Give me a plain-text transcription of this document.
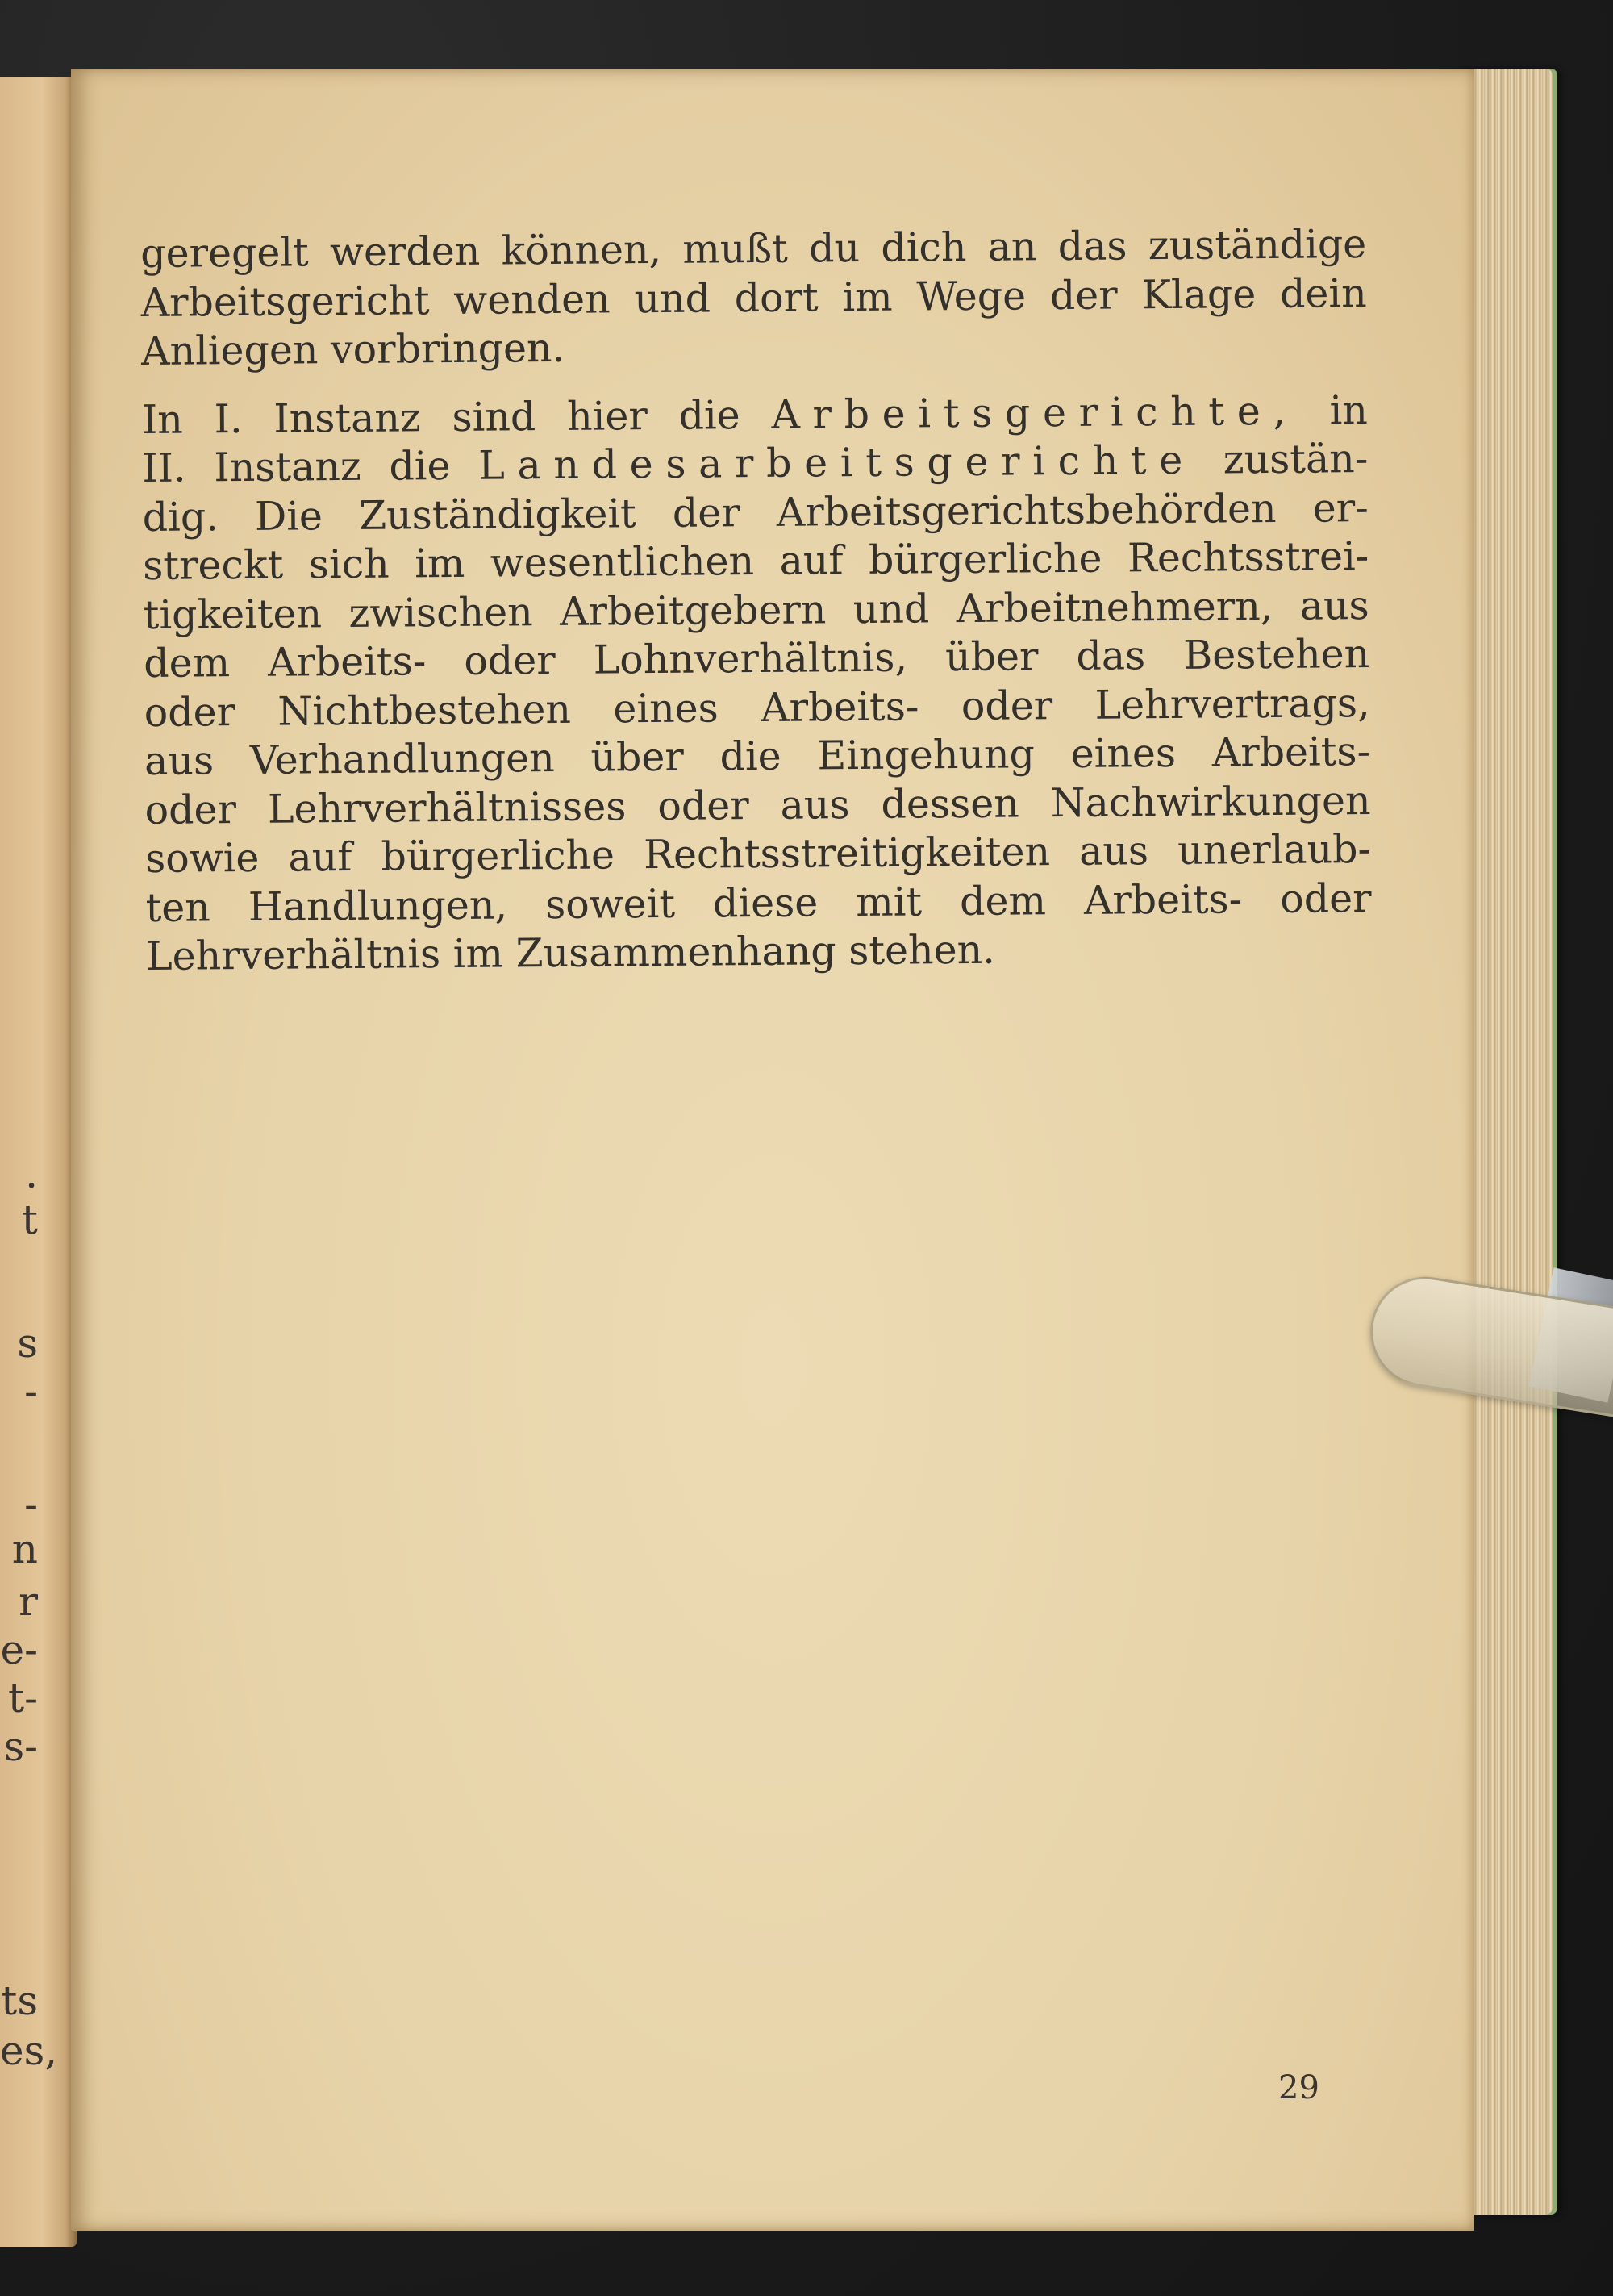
.
t
s
-
-
n
r
e-
t-
s-
ts
es,

geregelt werden können, mußt du dich an das zuständige
Arbeitsgericht wenden und dort im Wege der Klage dein
Anliegen vorbringen.

In I. Instanz sind hier die Arbeitsgerichte, in
II. Instanz die Landesarbeitsgerichte zustän-
dig. Die Zuständigkeit der Arbeitsgerichtsbehörden er-
streckt sich im wesentlichen auf bürgerliche Rechtsstrei-
tigkeiten zwischen Arbeitgebern und Arbeitnehmern, aus
dem Arbeits- oder Lohnverhältnis, über das Bestehen
oder Nichtbestehen eines Arbeits- oder Lehrvertrags,
aus Verhandlungen über die Eingehung eines Arbeits-
oder Lehrverhältnisses oder aus dessen Nachwirkungen
sowie auf bürgerliche Rechtsstreitigkeiten aus unerlaub-
ten Handlungen, soweit diese mit dem Arbeits- oder
Lehrverhältnis im Zusammenhang stehen.

29
